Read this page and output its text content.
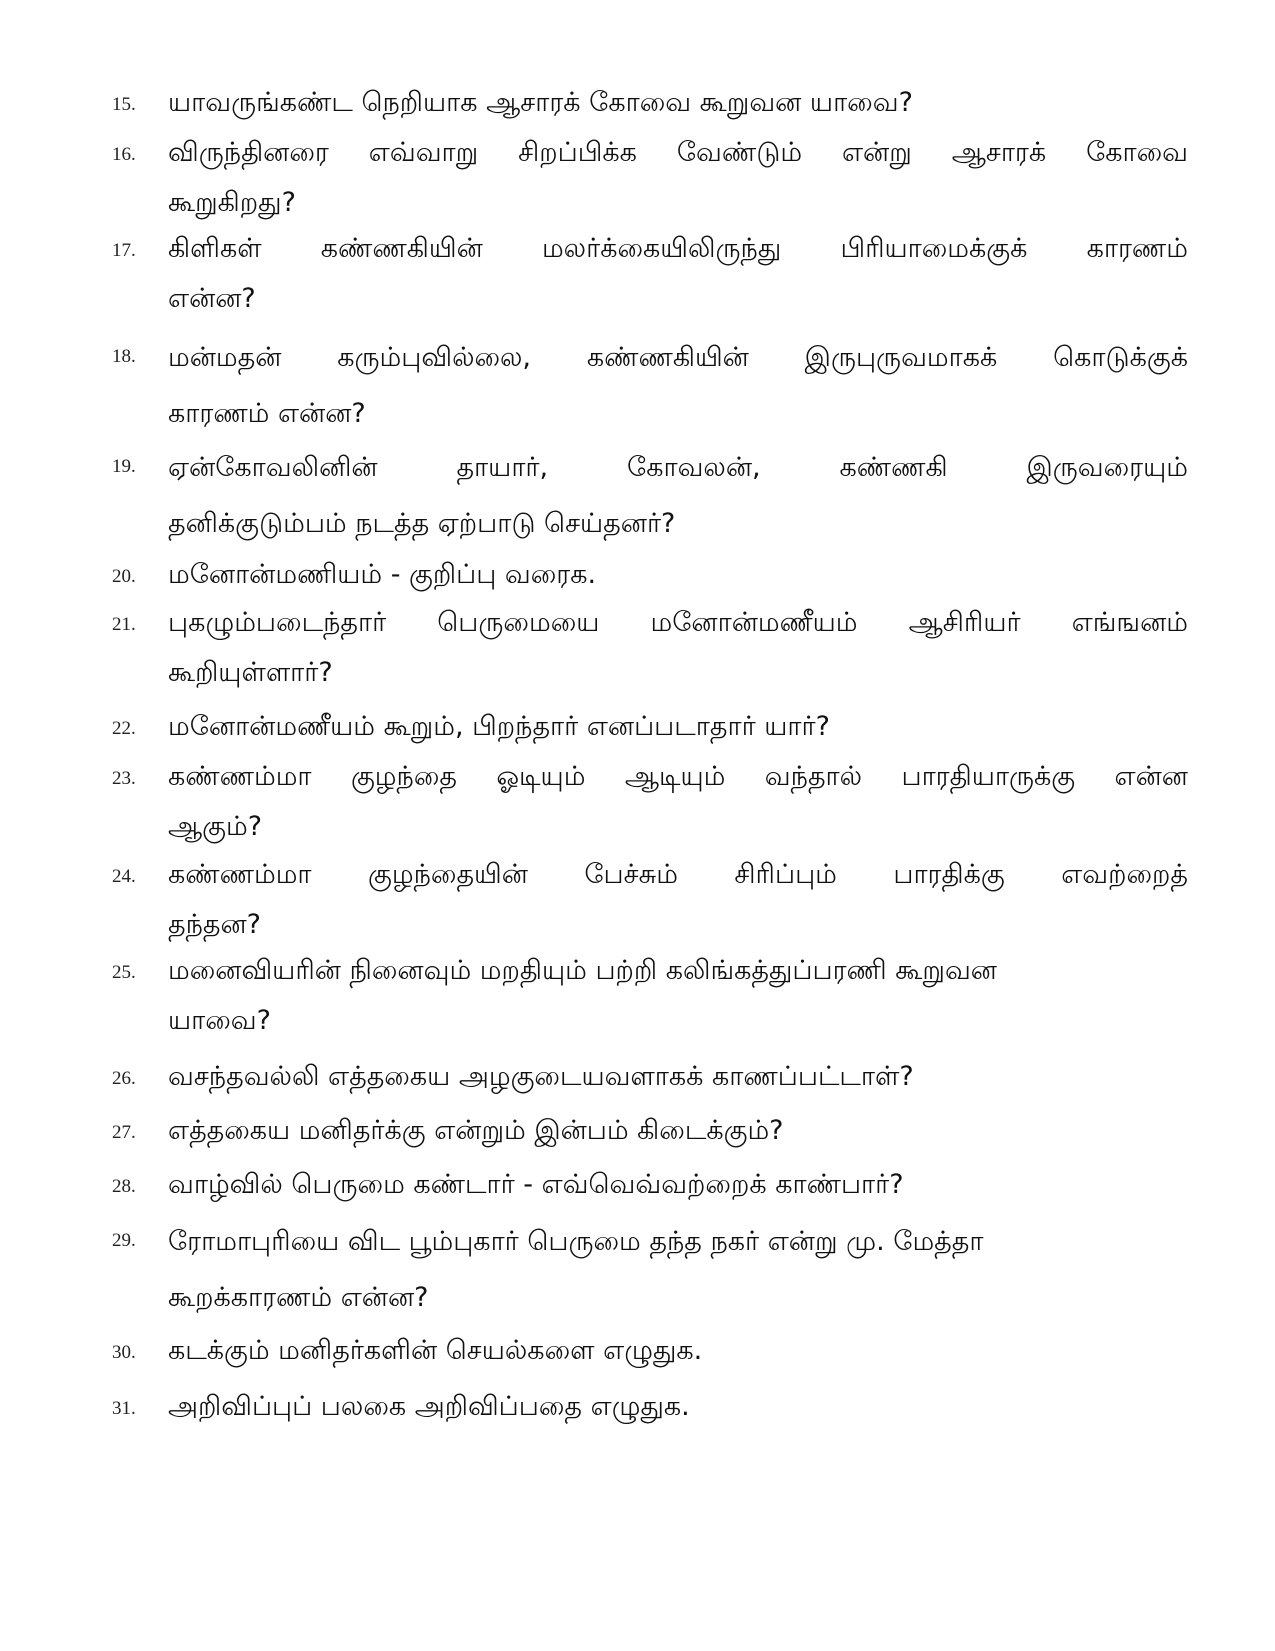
15. யாவருங்கண்ட நெறியாக ஆசாரக் கோவை கூறுவன யாவை?
16. விருந்தினரை எவ்வாறு சிறப்பிக்க வேண்டும் என்று ஆசாரக் கோவை
கூறுகிறது?
17. கிளிகள் கண்ணகியின் மலர்க்கையிலிருந்து பிரியாமைக்குக் காரணம்
என்ன?
18. மன்மதன் கரும்புவில்லை, கண்ணகியின் இருபுருவமாகக் கொடுக்குக்
காரணம் என்ன?
19. ஏன்கோவலினின் தாயார், கோவலன், கண்ணகி இருவரையும்
தனிக்குடும்பம் நடத்த ஏற்பாடு செய்தனர்?
20. மனோன்மணியம் - குறிப்பு வரைக.
21. புகழும்படைந்தார் பெருமையை மனோன்மணீயம் ஆசிரியர் எங்ஙனம்
கூறியுள்ளார்?
22. மனோன்மணீயம் கூறும், பிறந்தார் எனப்படாதார் யார்?
23. கண்ணம்மா குழந்தை ஓடியும் ஆடியும் வந்தால் பாரதியாருக்கு என்ன
ஆகும்?
24. கண்ணம்மா குழந்தையின் பேச்சும் சிரிப்பும் பாரதிக்கு எவற்றைத்
தந்தன?
25. மனைவியரின் நினைவும் மறதியும் பற்றி கலிங்கத்துப்பரணி கூறுவன
யாவை?
26. வசந்தவல்லி எத்தகைய அழகுடையவளாகக் காணப்பட்டாள்?
27. எத்தகைய மனிதர்க்கு என்றும் இன்பம் கிடைக்கும்?
28. வாழ்வில் பெருமை கண்டார் - எவ்வெவ்வற்றைக் காண்பார்?
29. ரோமாபுரியை விட பூம்புகார் பெருமை தந்த நகர் என்று மு. மேத்தா
கூறக்காரணம் என்ன?
30. கடக்கும் மனிதர்களின் செயல்களை எழுதுக.
31. அறிவிப்புப் பலகை அறிவிப்பதை எழுதுக.
